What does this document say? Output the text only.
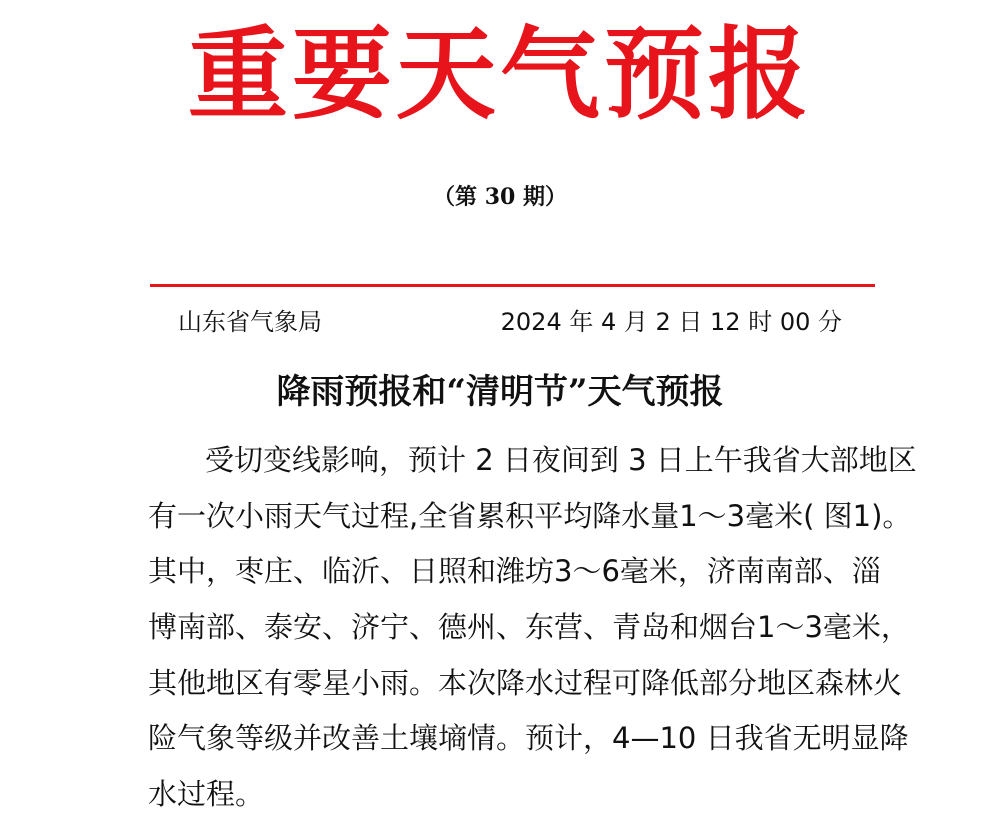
重要天气预报
（第 30 期）
山东省气象局	2024 年 4 月 2 日 12 时 00 分
降雨预报和“清明节”天气预报
受切变线影响，预计 2 日夜间到 3 日上午我省大部地区
有一次小雨天气过程,全省累积平均降水量1～3毫米( 图1)。
其中，枣庄、临沂、日照和潍坊3～6毫米，济南南部、淄
博南部、泰安、济宁、德州、东营、青岛和烟台1～3毫米，
其他地区有零星小雨。本次降水过程可降低部分地区森林火
险气象等级并改善土壤墒情。预计，4—10 日我省无明显降
水过程。
